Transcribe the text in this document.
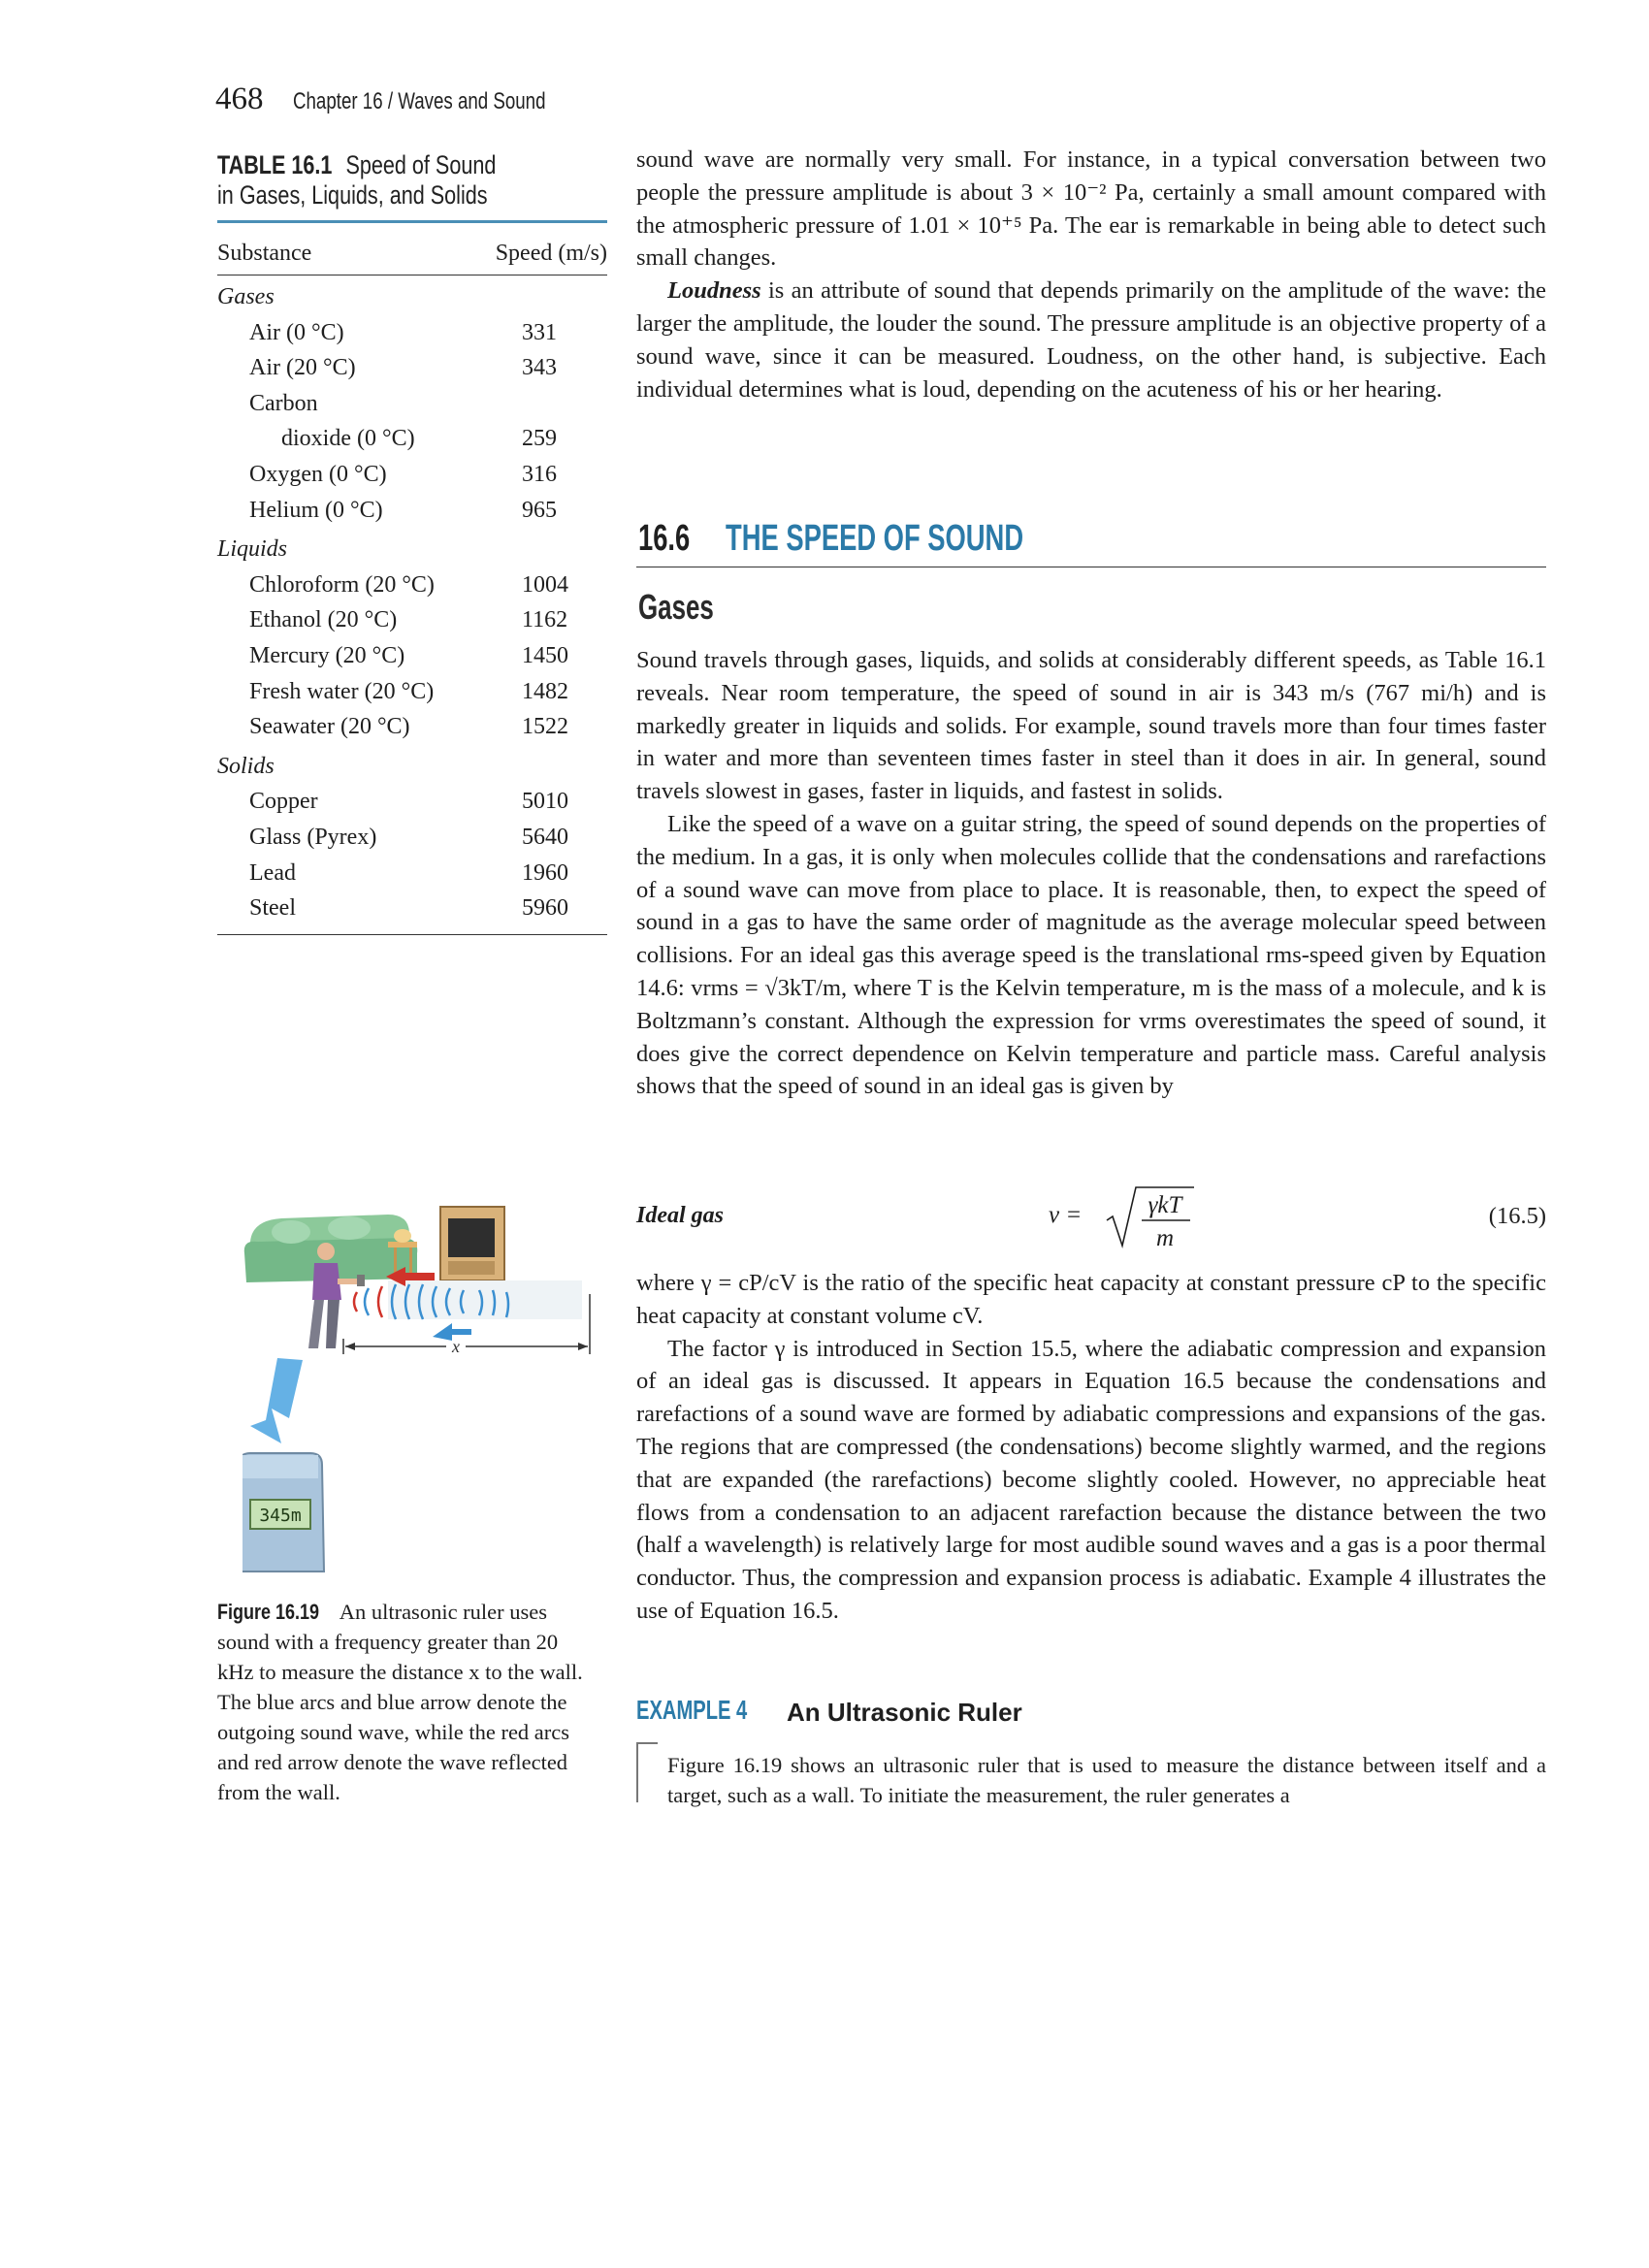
468 Chapter 16 / Waves and Sound
TABLE 16.1 Speed of Sound
in Gases, Liquids, and Solids
Substance	Speed (m/s)
Gases
Air (0 °C)	331
Air (20 °C)	343
Carbon
dioxide (0 °C)	259
Oxygen (0 °C)	316
Helium (0 °C)	965
Liquids
Chloroform (20 °C)	1004
Ethanol (20 °C)	1162
Mercury (20 °C)	1450
Fresh water (20 °C)	1482
Seawater (20 °C)	1522
Solids
Copper	5010
Glass (Pyrex)	5640
Lead	1960
Steel	5960
x
345m
Figure 16.19 An ultrasonic ruler uses sound with a frequency greater than 20 kHz to measure the distance x to the wall. The blue arcs and blue arrow denote the outgoing sound wave, while the red arcs and red arrow denote the wave reflected from the wall.

sound wave are normally very small. For instance, in a typical conversation between two people the pressure amplitude is about 3 × 10⁻² Pa, certainly a small amount compared with the atmospheric pressure of 1.01 × 10⁺⁵ Pa. The ear is remarkable in being able to detect such small changes.

Loudness is an attribute of sound that depends primarily on the amplitude of the wave: the larger the amplitude, the louder the sound. The pressure amplitude is an objective property of a sound wave, since it can be measured. Loudness, on the other hand, is subjective. Each individual determines what is loud, depending on the acuteness of his or her hearing.

16.6 THE SPEED OF SOUND
Gases

Sound travels through gases, liquids, and solids at considerably different speeds, as Table 16.1 reveals. Near room temperature, the speed of sound in air is 343 m/s (767 mi/h) and is markedly greater in liquids and solids. For example, sound travels more than four times faster in water and more than seventeen times faster in steel than it does in air. In general, sound travels slowest in gases, faster in liquids, and fastest in solids.

Like the speed of a wave on a guitar string, the speed of sound depends on the properties of the medium. In a gas, it is only when molecules collide that the condensations and rarefactions of a sound wave can move from place to place. It is reasonable, then, to expect the speed of sound in a gas to have the same order of magnitude as the average molecular speed between collisions. For an ideal gas this average speed is the translational rms-speed given by Equation 14.6: vrms = √3kT/m, where T is the Kelvin temperature, m is the mass of a molecule, and k is Boltzmann’s constant. Although the expression for vrms overestimates the speed of sound, it does give the correct dependence on Kelvin temperature and particle mass. Careful analysis shows that the speed of sound in an ideal gas is given by

Ideal gas	v =	γkT
m
(16.5)

where γ = cP/cV is the ratio of the specific heat capacity at constant pressure cP to the specific heat capacity at constant volume cV.

The factor γ is introduced in Section 15.5, where the adiabatic compression and expansion of an ideal gas is discussed. It appears in Equation 16.5 because the condensations and rarefactions of a sound wave are formed by adiabatic compressions and expansions of the gas. The regions that are compressed (the condensations) become slightly warmed, and the regions that are expanded (the rarefactions) become slightly cooled. However, no appreciable heat flows from a condensation to an adjacent rarefaction because the distance between the two (half a wavelength) is relatively large for most audible sound waves and a gas is a poor thermal conductor. Thus, the compression and expansion process is adiabatic. Example 4 illustrates the use of Equation 16.5.

EXAMPLE 4 An Ultrasonic Ruler
Figure 16.19 shows an ultrasonic ruler that is used to measure the distance between itself and a target, such as a wall. To initiate the measurement, the ruler generates a
